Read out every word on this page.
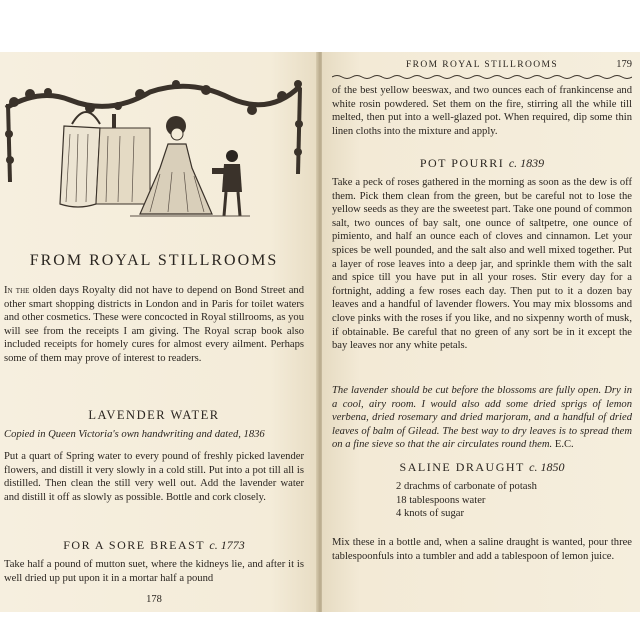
FROM ROYAL STILLROOMS
In the olden days Royalty did not have to depend on Bond Street and other smart shopping districts in London and in Paris for toilet waters and other cosmetics. These were concocted in Royal stillrooms, as you will see from the receipts I am giving. The Royal scrap book also included receipts for homely cures for almost every ailment. Perhaps some of them may prove of interest to readers.
LAVENDER WATER
Copied in Queen Victoria's own handwriting and dated, 1836
Put a quart of Spring water to every pound of freshly picked lavender flowers, and distill it very slowly in a cold still. Put into a pot till all is distilled. Then clean the still very well out. Add the lavender water and distill it off as slowly as possible. Bottle and cork closely.
FOR A SORE BREAST c. 1773
Take half a pound of mutton suet, where the kidneys lie, and after it is well dried up put upon it in a mortar half a pound
178
FROM ROYAL STILLROOMS	179
of the best yellow beeswax, and two ounces each of frankincense and white rosin powdered. Set them on the fire, stirring all the while till melted, then put into a well-glazed pot. When required, dip some thin linen cloths into the mixture and apply.
POT POURRI c. 1839
Take a peck of roses gathered in the morning as soon as the dew is off them. Pick them clean from the green, but be careful not to lose the yellow seeds as they are the sweetest part. Take one pound of common salt, two ounces of bay salt, one ounce of saltpetre, one ounce of pimiento, and half an ounce each of cloves and cinnamon. Let your spices be well pounded, and the salt also and well mixed together. Put a layer of rose leaves into a deep jar, and sprinkle them with the salt and spice till you have put in all your roses. Stir every day for a fortnight, adding a few roses each day. Then put to it a dozen bay leaves and a handful of lavender flowers. You may mix blossoms and clove pinks with the roses if you like, and no sixpenny worth of musk, if obtainable. Be careful that no green of any sort be in it except the bay leaves nor any white petals.
The lavender should be cut before the blossoms are fully open. Dry in a cool, airy room. I would also add some dried sprigs of lemon verbena, dried rosemary and dried marjoram, and a handful of dried leaves of balm of Gilead. The best way to dry leaves is to spread them on a fine sieve so that the air circulates round them. E.C.
SALINE DRAUGHT c. 1850
2 drachms of carbonate of potash
18 tablespoons water
4 knots of sugar
Mix these in a bottle and, when a saline draught is wanted, pour three tablespoonfuls into a tumbler and add a tablespoon of lemon juice.
